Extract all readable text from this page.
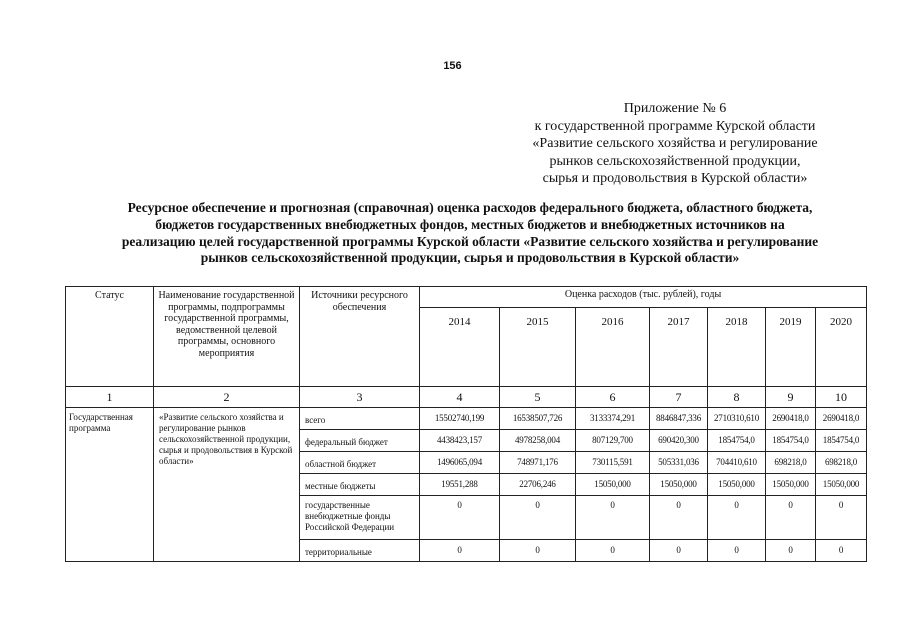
156
Приложение № 6
к государственной программе Курской области
«Развитие сельского хозяйства и регулирование
рынков сельскохозяйственной продукции,
сырья и продовольствия в Курской области»
Ресурсное обеспечение и прогнозная (справочная) оценка расходов федерального бюджета, областного бюджета,
бюджетов государственных внебюджетных фондов, местных бюджетов и внебюджетных источников на
реализацию целей государственной программы Курской области «Развитие сельского хозяйства и регулирование
рынков сельскохозяйственной продукции, сырья и продовольствия в Курской области»
Статус	Наименование государственной программы, подпрограммы государственной программы, ведомственной целевой программы, основного мероприятия	Источники ресурсного обеспечения	Оценка расходов (тыс. рублей), годы						
			2014	2015	2016	2017	2018	2019	2020
1	2	3	4	5	6	7	8	9	10
Государственная программа	«Развитие сельского хозяйства и регулирование рынков сельскохозяйственной продукции, сырья и продовольствия в Курской области»	всего	15502740,199	16538507,726	3133374,291	8846847,336	2710310,610	2690418,0	2690418,0
		федеральный бюджет	4438423,157	4978258,004	807129,700	690420,300	1854754,0	1854754,0	1854754,0
		областной бюджет	1496065,094	748971,176	730115,591	505331,036	704410,610	698218,0	698218,0
		местные бюджеты	19551,288	22706,246	15050,000	15050,000	15050,000	15050,000	15050,000
		государственные внебюджетные фонды Российской Федерации	0	0	0	0	0	0	0
		территориальные	0	0	0	0	0	0	0
